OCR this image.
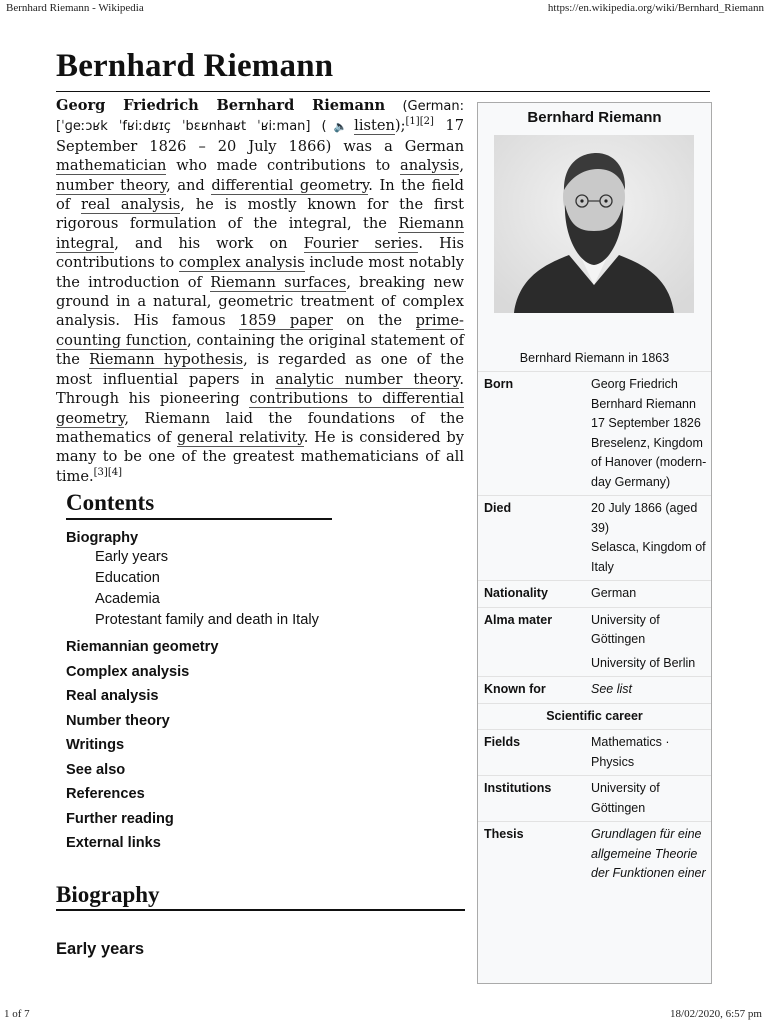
Bernhard Riemann - Wikipedia	https://en.wikipedia.org/wiki/Bernhard_Riemann
Bernhard Riemann
Georg Friedrich Bernhard Riemann (German: [ˈɡeːɔʁk ˈfʁiːdʁɪç ˈbɛʁnhaʁt ˈʁiːman] (🔈listen);[1][2] 17 September 1826 – 20 July 1866) was a German mathematician who made contributions to analysis, number theory, and differential geometry. In the field of real analysis, he is mostly known for the first rigorous formulation of the integral, the Riemann integral, and his work on Fourier series. His contributions to complex analysis include most notably the introduction of Riemann surfaces, breaking new ground in a natural, geometric treatment of complex analysis. His famous 1859 paper on the prime-counting function, containing the original statement of the Riemann hypothesis, is regarded as one of the most influential papers in analytic number theory. Through his pioneering contributions to differential geometry, Riemann laid the foundations of the mathematics of general relativity. He is considered by many to be one of the greatest mathematicians of all time.[3][4]
Contents
Biography
Early years
Education
Academia
Protestant family and death in Italy
Riemannian geometry
Complex analysis
Real analysis
Number theory
Writings
See also
References
Further reading
External links
Biography
Early years
Bernhard Riemann
Bernhard Riemann in 1863
Born	Georg Friedrich Bernhard Riemann
17 September 1826
Breselenz, Kingdom of Hanover (modern-day Germany)
Died	20 July 1866 (aged 39)
Selasca, Kingdom of Italy
Nationality	German
Alma mater	University of Göttingen
University of Berlin
Known for	See list
Scientific career
Fields	Mathematics ·
Physics
Institutions	University of Göttingen
Thesis	Grundlagen für eine allgemeine Theorie der Funktionen einer
1 of 7	18/02/2020, 6:57 pm
